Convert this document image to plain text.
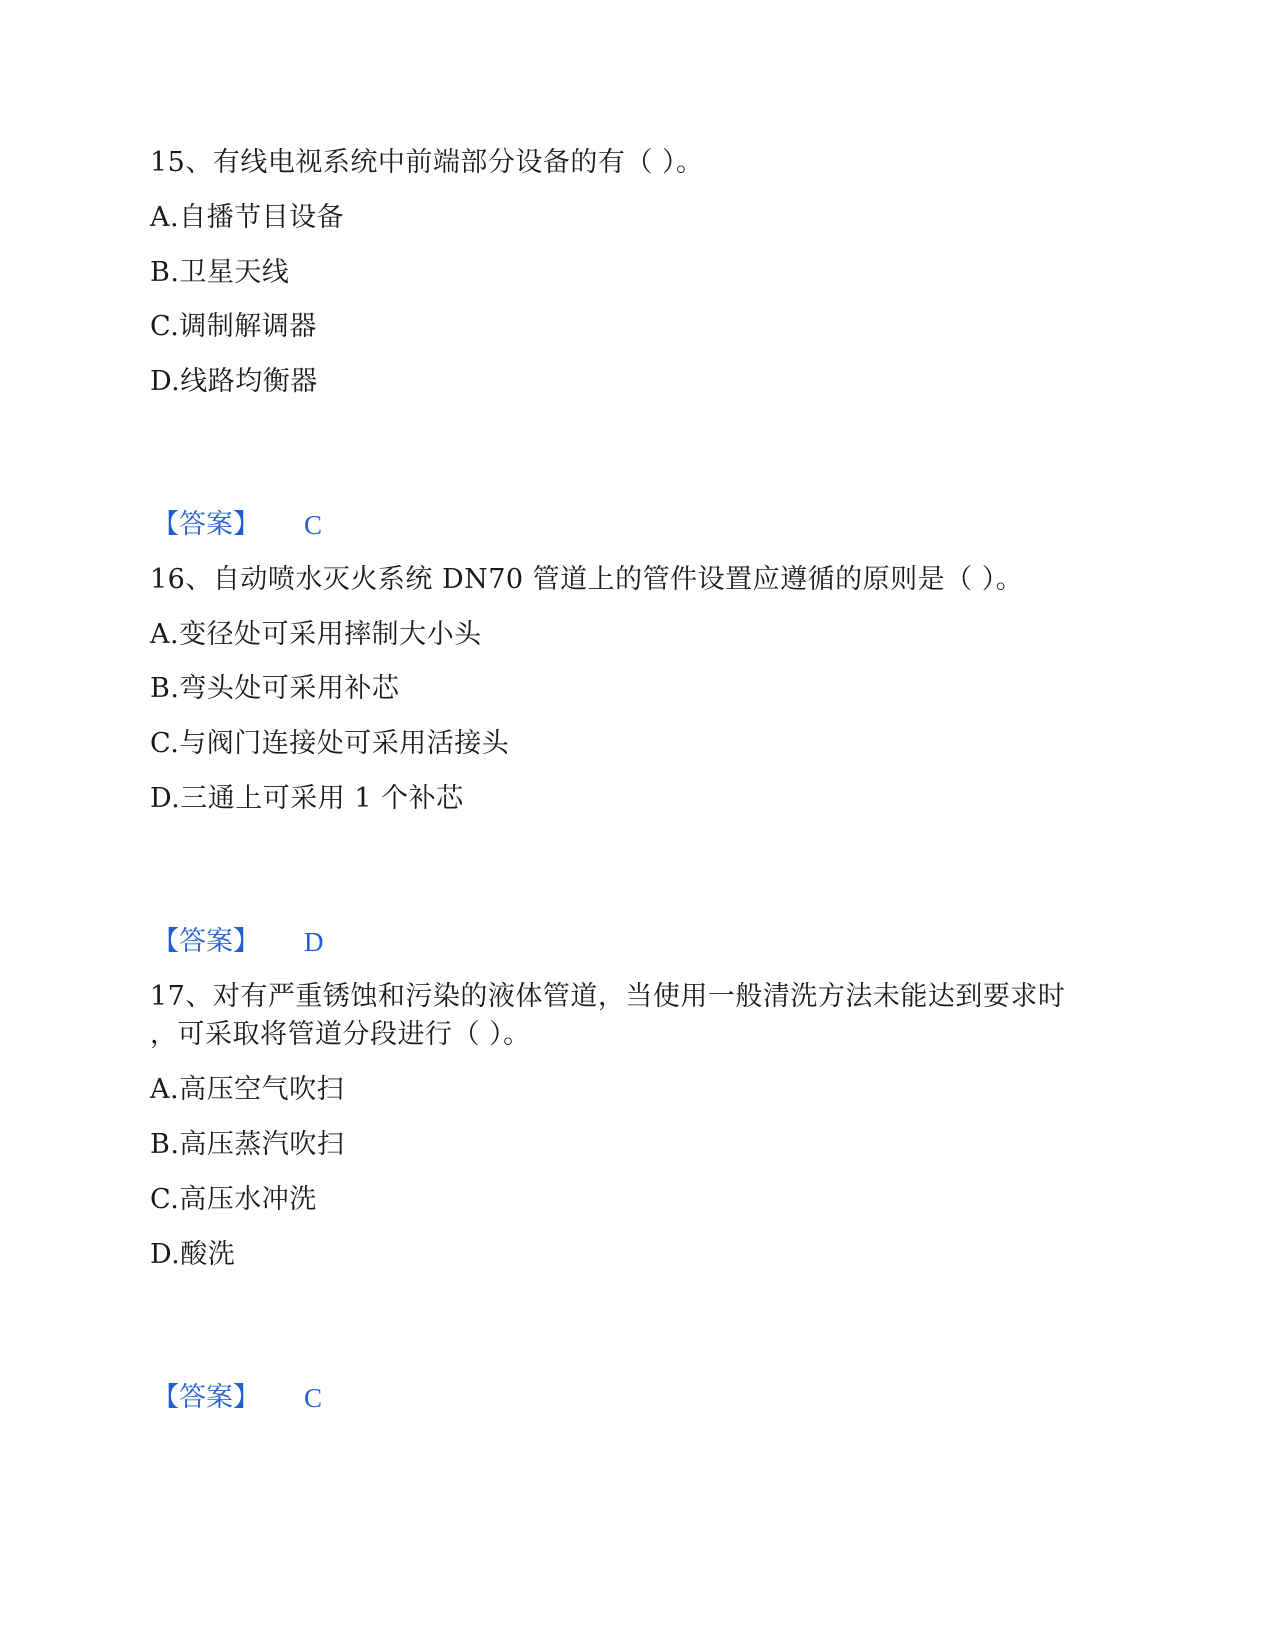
15、有线电视系统中前端部分设备的有（ ）。
A.自播节目设备
B.卫星天线
C.调制解调器
D.线路均衡器
【答案】 C
16、自动喷水灭火系统 DN70 管道上的管件设置应遵循的原则是（ ）。
A.变径处可采用摔制大小头
B.弯头处可采用补芯
C.与阀门连接处可采用活接头
D.三通上可采用 1 个补芯
【答案】 D
17、对有严重锈蚀和污染的液体管道，当使用一般清洗方法未能达到要求时
，可采取将管道分段进行（ ）。
A.高压空气吹扫
B.高压蒸汽吹扫
C.高压水冲洗
D.酸洗
【答案】 C
